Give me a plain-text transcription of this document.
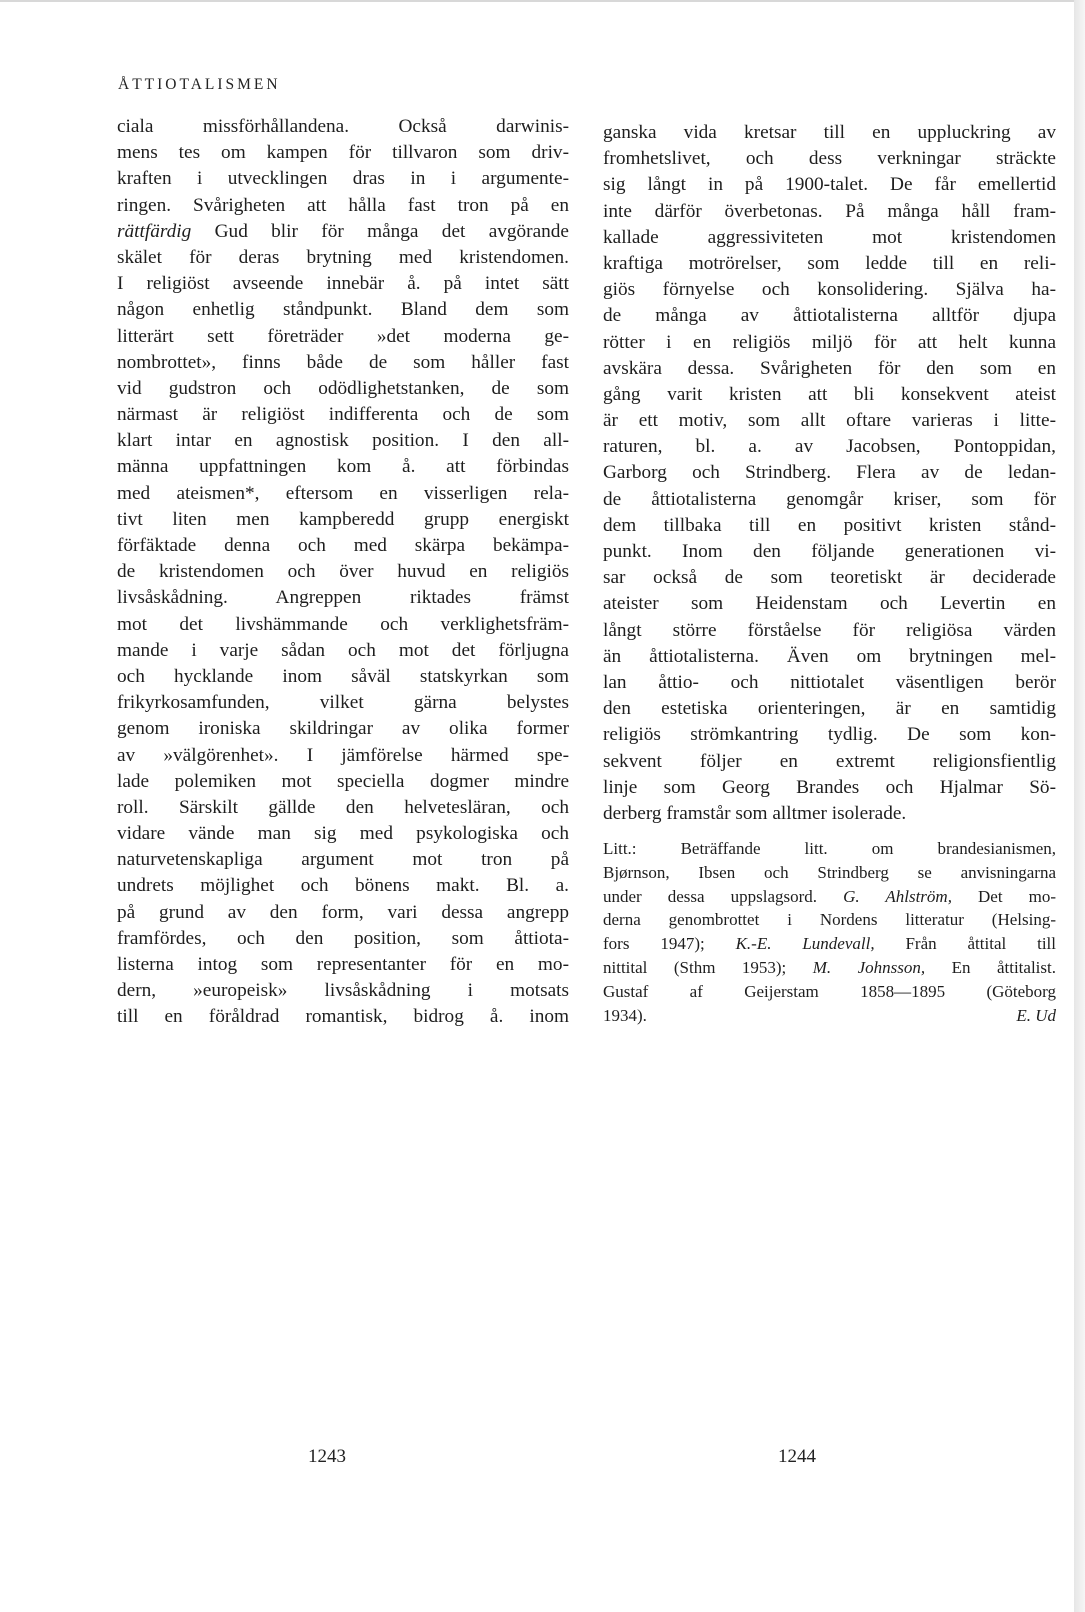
ÅTTIOTALISMEN
ciala missförhållandena. Också darwinis-
mens tes om kampen för tillvaron som driv-
kraften i utvecklingen dras in i argumente-
ringen. Svårigheten att hålla fast tron på en
rättfärdig Gud blir för många det avgörande
skälet för deras brytning med kristendomen.
I religiöst avseende innebär å. på intet sätt
någon enhetlig ståndpunkt. Bland dem som
litterärt sett företräder »det moderna ge-
nombrottet», finns både de som håller fast
vid gudstron och odödlighetstanken, de som
närmast är religiöst indifferenta och de som
klart intar en agnostisk position. I den all-
männa uppfattningen kom å. att förbindas
med ateismen*, eftersom en visserligen rela-
tivt liten men kampberedd grupp energiskt
förfäktade denna och med skärpa bekämpa-
de kristendomen och över huvud en religiös
livsåskådning. Angreppen riktades främst
mot det livshämmande och verklighetsfräm-
mande i varje sådan och mot det förljugna
och hycklande inom såväl statskyrkan som
frikyrkosamfunden, vilket gärna belystes
genom ironiska skildringar av olika former
av »välgörenhet». I jämförelse härmed spe-
lade polemiken mot speciella dogmer mindre
roll. Särskilt gällde den helvetesläran, och
vidare vände man sig med psykologiska och
naturvetenskapliga argument mot tron på
undrets möjlighet och bönens makt. Bl. a.
på grund av den form, vari dessa angrepp
framfördes, och den position, som åttiota-
listerna intog som representanter för en mo-
dern, »europeisk» livsåskådning i motsats
till en föråldrad romantisk, bidrog å. inom
ganska vida kretsar till en uppluckring av
fromhetslivet, och dess verkningar sträckte
sig långt in på 1900-talet. De får emellertid
inte därför överbetonas. På många håll fram-
kallade aggressiviteten mot kristendomen
kraftiga motrörelser, som ledde till en reli-
giös förnyelse och konsolidering. Själva ha-
de många av åttiotalisterna alltför djupa
rötter i en religiös miljö för att helt kunna
avskära dessa. Svårigheten för den som en
gång varit kristen att bli konsekvent ateist
är ett motiv, som allt oftare varieras i litte-
raturen, bl. a. av Jacobsen, Pontoppidan,
Garborg och Strindberg. Flera av de ledan-
de åttiotalisterna genomgår kriser, som för
dem tillbaka till en positivt kristen stånd-
punkt. Inom den följande generationen vi-
sar också de som teoretiskt är deciderade
ateister som Heidenstam och Levertin en
långt större förståelse för religiösa värden
än åttiotalisterna. Även om brytningen mel-
lan åttio- och nittiotalet väsentligen berör
den estetiska orienteringen, är en samtidig
religiös strömkantring tydlig. De som kon-
sekvent följer en extremt religionsfientlig
linje som Georg Brandes och Hjalmar Sö-
derberg framstår som alltmer isolerade.
Litt.: Beträffande litt. om brandesianismen,
Bjørnson, Ibsen och Strindberg se anvisningarna
under dessa uppslagsord. G. Ahlström, Det mo-
derna genombrottet i Nordens litteratur (Helsing-
fors 1947); K.-E. Lundevall, Från åttital till
nittital (Sthm 1953); M. Johnsson, En åttitalist.
Gustaf af Geijerstam 1858—1895 (Göteborg
1934).	E. Ud
1243	1244
